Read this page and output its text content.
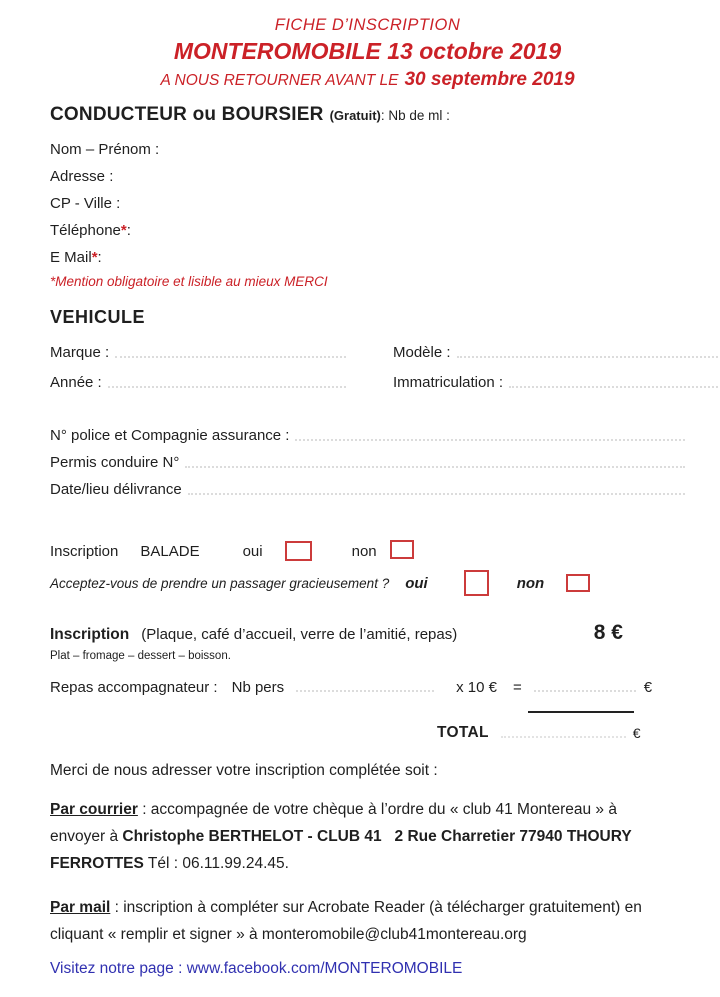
FICHE D’INSCRIPTION
MONTEROMOBILE 13 octobre 2019
A NOUS RETOURNER AVANT LE 30 septembre 2019
CONDUCTEUR ou BOURSIER (Gratuit): Nb de ml :
Nom – Prénom :
Adresse :
CP - Ville :
Téléphone * :
E Mail * :
*Mention obligatoire et lisible au mieux MERCI
VEHICULE
Marque :	Modèle :
Année :	Immatriculation :
N° police et Compagnie assurance :
Permis conduire N°
Date/lieu délivrance
Inscription BALADE	oui	non
Acceptez-vous de prendre un passager gracieusement ? oui	non
Inscription (Plaque, café d’accueil, verre de l’amitié, repas)	8 €
Plat – fromage – dessert – boisson.
Repas accompagnateur : Nb pers	x 10 € =	€
TOTAL	€

Merci de nous adresser votre inscription complétée soit :

Par courrier : accompagnée de votre chèque à l’ordre du « club 41 Montereau » à envoyer à Christophe BERTHELOT - CLUB 41   2 Rue Charretier 77940 THOURY FERROTTES Tél : 06.11.99.24.45.

Par mail : inscription à compléter sur Acrobate Reader (à télécharger gratuitement) en cliquant « remplir et signer » à monteromobile@club41montereau.org

Visitez notre page : www.facebook.com/MONTEROMOBILE
